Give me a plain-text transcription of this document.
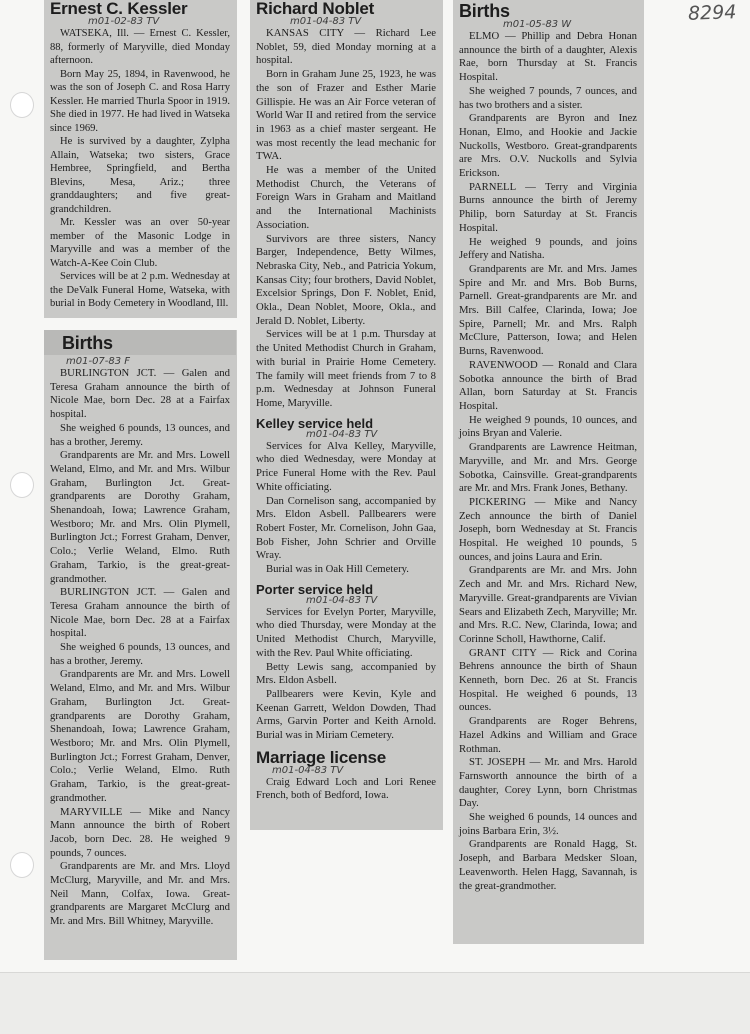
8294
Ernest C. Kessler
m01-02-83 TV

WATSEKA, Ill. — Ernest C. Kessler, 88, formerly of Maryville, died Monday afternoon.

Born May 25, 1894, in Ravenwood, he was the son of Joseph C. and Rosa Harry Kessler. He married Thurla Spoor in 1919. She died in 1977. He had lived in Watseka since 1969.

He is survived by a daughter, Zylpha Allain, Watseka; two sisters, Grace Hembree, Springfield, and Bertha Blevins, Mesa, Ariz.; three granddaughters; and five great-grandchildren.

Mr. Kessler was an over 50-year member of the Masonic Lodge in Maryville and was a member of the Watch-A-Kee Coin Club.

Services will be at 2 p.m. Wednesday at the DeValk Funeral Home, Watseka, with burial in Body Cemetery in Woodland, Ill.

Births
m01-07-83 F

BURLINGTON JCT. — Galen and Teresa Graham announce the birth of Nicole Mae, born Dec. 28 at a Fairfax hospital.

She weighed 6 pounds, 13 ounces, and has a brother, Jeremy.

Grandparents are Mr. and Mrs. Lowell Weland, Elmo, and Mr. and Mrs. Wilbur Graham, Burlington Jct. Great-grandparents are Dorothy Graham, Shenandoah, Iowa; Lawrence Graham, Westboro; Mr. and Mrs. Olin Plymell, Burlington Jct.; Forrest Graham, Denver, Colo.; Verlie Weland, Elmo. Ruth Graham, Tarkio, is the great-great-grandmother.

BURLINGTON JCT. — Galen and Teresa Graham announce the birth of Nicole Mae, born Dec. 28 at a Fairfax hospital.

She weighed 6 pounds, 13 ounces, and has a brother, Jeremy.

Grandparents are Mr. and Mrs. Lowell Weland, Elmo, and Mr. and Mrs. Wilbur Graham, Burlington Jct. Great-grandparents are Dorothy Graham, Shenandoah, Iowa; Lawrence Graham, Westboro; Mr. and Mrs. Olin Plymell, Burlington Jct.; Forrest Graham, Denver, Colo.; Verlie Weland, Elmo. Ruth Graham, Tarkio, is the great-great-grandmother.

MARYVILLE — Mike and Nancy Mann announce the birth of Robert Jacob, born Dec. 28. He weighed 9 pounds, 7 ounces.

Grandparents are Mr. and Mrs. Lloyd McClurg, Maryville, and Mr. and Mrs. Neil Mann, Colfax, Iowa. Great-grandparents are Margaret McClurg and Mr. and Mrs. Bill Whitney, Maryville.

Richard Noblet
m01-04-83 TV

KANSAS CITY — Richard Lee Noblet, 59, died Monday morning at a hospital.

Born in Graham June 25, 1923, he was the son of Frazer and Esther Marie Gillispie. He was an Air Force veteran of World War II and retired from the service in 1963 as a chief master sergeant. He was most recently the lead mechanic for TWA.

He was a member of the United Methodist Church, the Veterans of Foreign Wars in Graham and Maitland and the International Machinists Association.

Survivors are three sisters, Nancy Barger, Independence, Betty Wilmes, Nebraska City, Neb., and Patricia Yokum, Kansas City; four brothers, David Noblet, Excelsior Springs, Don F. Noblet, Enid, Okla., Dean Noblet, Moore, Okla., and Jerald D. Noblet, Liberty.

Services will be at 1 p.m. Thursday at the United Methodist Church in Graham, with burial in Prairie Home Cemetery. The family will meet friends from 7 to 8 p.m. Wednesday at Johnson Funeral Home, Maryville.

Kelley service held
m01-04-83 TV

Services for Alva Kelley, Maryville, who died Wednesday, were Monday at Price Funeral Home with the Rev. Paul White officiating.

Dan Cornelison sang, accompanied by Mrs. Eldon Asbell. Pallbearers were Robert Foster, Mr. Cornelison, John Gaa, Bob Fisher, John Schrier and Orville Wray.

Burial was in Oak Hill Cemetery.

Porter service held
m01-04-83 TV

Services for Evelyn Porter, Maryville, who died Thursday, were Monday at the United Methodist Church, Maryville, with the Rev. Paul White officiating.

Betty Lewis sang, accompanied by Mrs. Eldon Asbell.

Pallbearers were Kevin, Kyle and Keenan Garrett, Weldon Dowden, Thad Arms, Garvin Porter and Keith Arnold. Burial was in Miriam Cemetery.

Marriage license
m01-04-83 TV

Craig Edward Loch and Lori Renee French, both of Bedford, Iowa.

Births
m01-05-83 W

ELMO — Phillip and Debra Honan announce the birth of a daughter, Alexis Rae, born Thursday at St. Francis Hospital.

She weighed 7 pounds, 7 ounces, and has two brothers and a sister.

Grandparents are Byron and Inez Honan, Elmo, and Hookie and Jackie Nuckolls, Westboro. Great-grandparents are Mrs. O.V. Nuckolls and Sylvia Erickson.

PARNELL — Terry and Virginia Burns announce the birth of Jeremy Philip, born Saturday at St. Francis Hospital.

He weighed 9 pounds, and joins Jeffery and Natisha.

Grandparents are Mr. and Mrs. James Spire and Mr. and Mrs. Bob Burns, Parnell. Great-grandparents are Mr. and Mrs. Bill Calfee, Clarinda, Iowa; Joe Spire, Parnell; Mr. and Mrs. Ralph McClure, Patterson, Iowa; and Helen Burns, Ravenwood.

RAVENWOOD — Ronald and Clara Sobotka announce the birth of Brad Allan, born Saturday at St. Francis Hospital.

He weighed 9 pounds, 10 ounces, and joins Bryan and Valerie.

Grandparents are Lawrence Heitman, Maryville, and Mr. and Mrs. George Sobotka, Cainsville. Great-grandparents are Mr. and Mrs. Frank Jones, Bethany.

PICKERING — Mike and Nancy Zech announce the birth of Daniel Joseph, born Wednesday at St. Francis Hospital. He weighed 10 pounds, 5 ounces, and joins Laura and Erin.

Grandparents are Mr. and Mrs. John Zech and Mr. and Mrs. Richard New, Maryville. Great-grandparents are Vivian Sears and Elizabeth Zech, Maryville; Mr. and Mrs. R.C. New, Clarinda, Iowa; and Corinne Scholl, Hawthorne, Calif.

GRANT CITY — Rick and Corina Behrens announce the birth of Shaun Kenneth, born Dec. 26 at St. Francis Hospital. He weighed 6 pounds, 13 ounces.

Grandparents are Roger Behrens, Hazel Adkins and William and Grace Rothman.

ST. JOSEPH — Mr. and Mrs. Harold Farnsworth announce the birth of a daughter, Corey Lynn, born Christmas Day.

She weighed 6 pounds, 14 ounces and joins Barbara Erin, 3½.

Grandparents are Ronald Hagg, St. Joseph, and Barbara Medsker Sloan, Leavenworth. Helen Hagg, Savannah, is the great-grandmother.
